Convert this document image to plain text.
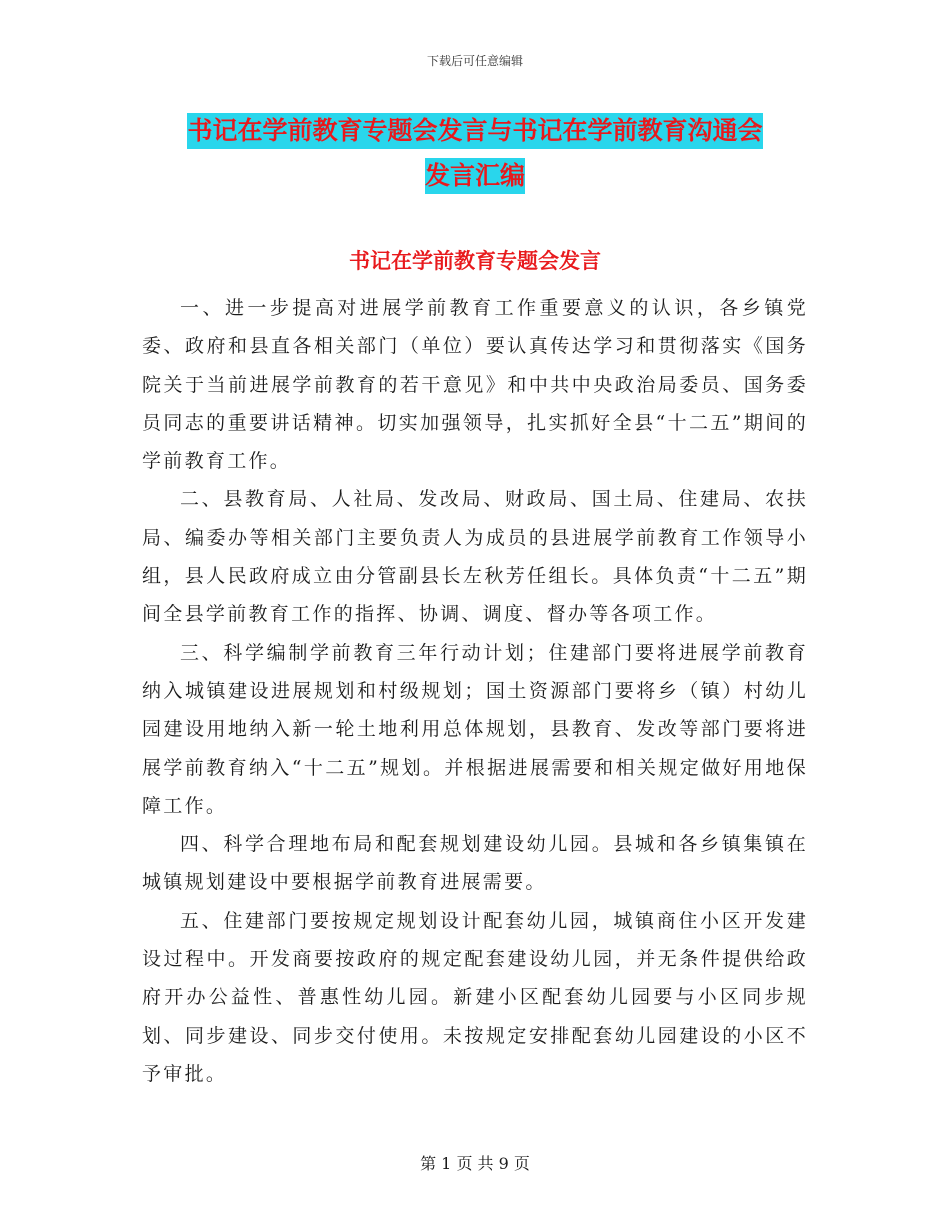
下载后可任意编辑
书记在学前教育专题会发言与书记在学前教育沟通会
发言汇编
书记在学前教育专题会发言

一、进一步提高对进展学前教育工作重要意义的认识，各乡镇党委、政府和县直各相关部门（单位）要认真传达学习和贯彻落实《国务院关于当前进展学前教育的若干意见》和中共中央政治局委员、国务委员同志的重要讲话精神。切实加强领导，扎实抓好全县“十二五”期间的学前教育工作。

二、县教育局、人社局、发改局、财政局、国土局、住建局、农扶局、编委办等相关部门主要负责人为成员的县进展学前教育工作领导小组，县人民政府成立由分管副县长左秋芳任组长。具体负责“十二五”期间全县学前教育工作的指挥、协调、调度、督办等各项工作。

三、科学编制学前教育三年行动计划；住建部门要将进展学前教育纳入城镇建设进展规划和村级规划；国土资源部门要将乡（镇）村幼儿园建设用地纳入新一轮土地利用总体规划，县教育、发改等部门要将进展学前教育纳入“十二五”规划。并根据进展需要和相关规定做好用地保障工作。

四、科学合理地布局和配套规划建设幼儿园。县城和各乡镇集镇在城镇规划建设中要根据学前教育进展需要。

五、住建部门要按规定规划设计配套幼儿园，城镇商住小区开发建设过程中。开发商要按政府的规定配套建设幼儿园，并无条件提供给政府开办公益性、普惠性幼儿园。新建小区配套幼儿园要与小区同步规划、同步建设、同步交付使用。未按规定安排配套幼儿园建设的小区不予审批。

第 1 页 共 9 页
